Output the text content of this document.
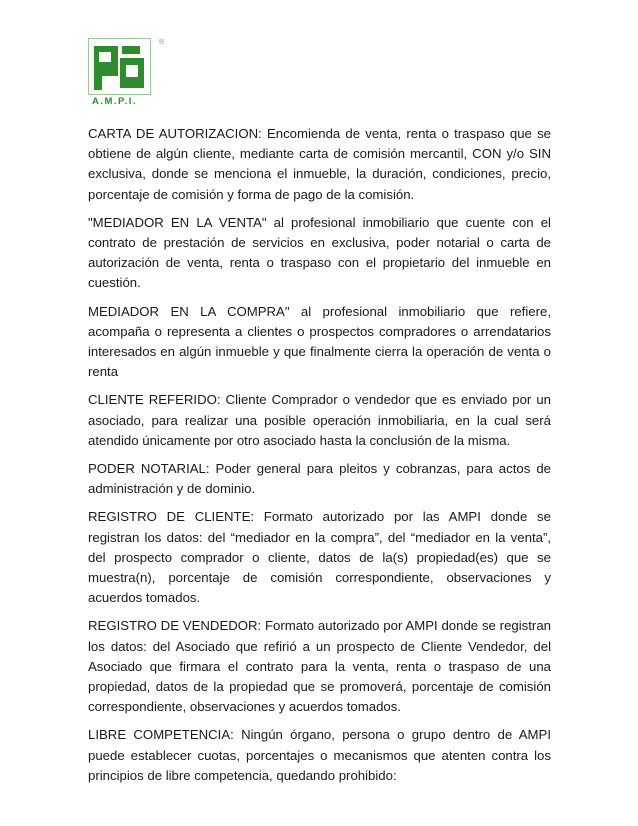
®
A.M.P.I.

CARTA DE AUTORIZACION: Encomienda de venta, renta o traspaso que se obtiene de algún cliente, mediante carta de comisión mercantil, CON y/o SIN exclusiva, donde se menciona el inmueble, la duración, condiciones, precio, porcentaje de comisión y forma de pago de la comisión.

"MEDIADOR EN LA VENTA" al profesional inmobiliario que cuente con el contrato de prestación de servicios en exclusiva, poder notarial o carta de autorización de venta, renta o traspaso con el propietario del inmueble en cuestión.

MEDIADOR EN LA COMPRA" al profesional inmobiliario que refiere, acompaña o representa a clientes o prospectos compradores o arrendatarios interesados en algún inmueble y que finalmente cierra la operación de venta o renta

CLIENTE REFERIDO: Cliente Comprador o vendedor que es enviado por un asociado, para realizar una posible operación inmobiliaria, en la cual será atendido únicamente por otro asociado hasta la conclusión de la misma.

PODER NOTARIAL: Poder general para pleitos y cobranzas, para actos de administración y de dominio.

REGISTRO DE CLIENTE: Formato autorizado por las AMPI donde se registran los datos: del “mediador en la compra”, del “mediador en la venta”, del prospecto comprador o cliente, datos de la(s) propiedad(es) que se muestra(n), porcentaje de comisión correspondiente, observaciones y acuerdos tomados.

REGISTRO DE VENDEDOR: Formato autorizado por AMPI donde se registran los datos: del Asociado que refirió a un prospecto de Cliente Vendedor, del Asociado que firmara el contrato para la venta, renta o traspaso de una propiedad, datos de la propiedad que se promoverá, porcentaje de comisión correspondiente, observaciones y acuerdos tomados.

LIBRE COMPETENCIA: Ningún órgano, persona o grupo dentro de AMPI puede establecer cuotas, porcentajes o mecanismos que atenten contra los principios de libre competencia, quedando prohibido:
